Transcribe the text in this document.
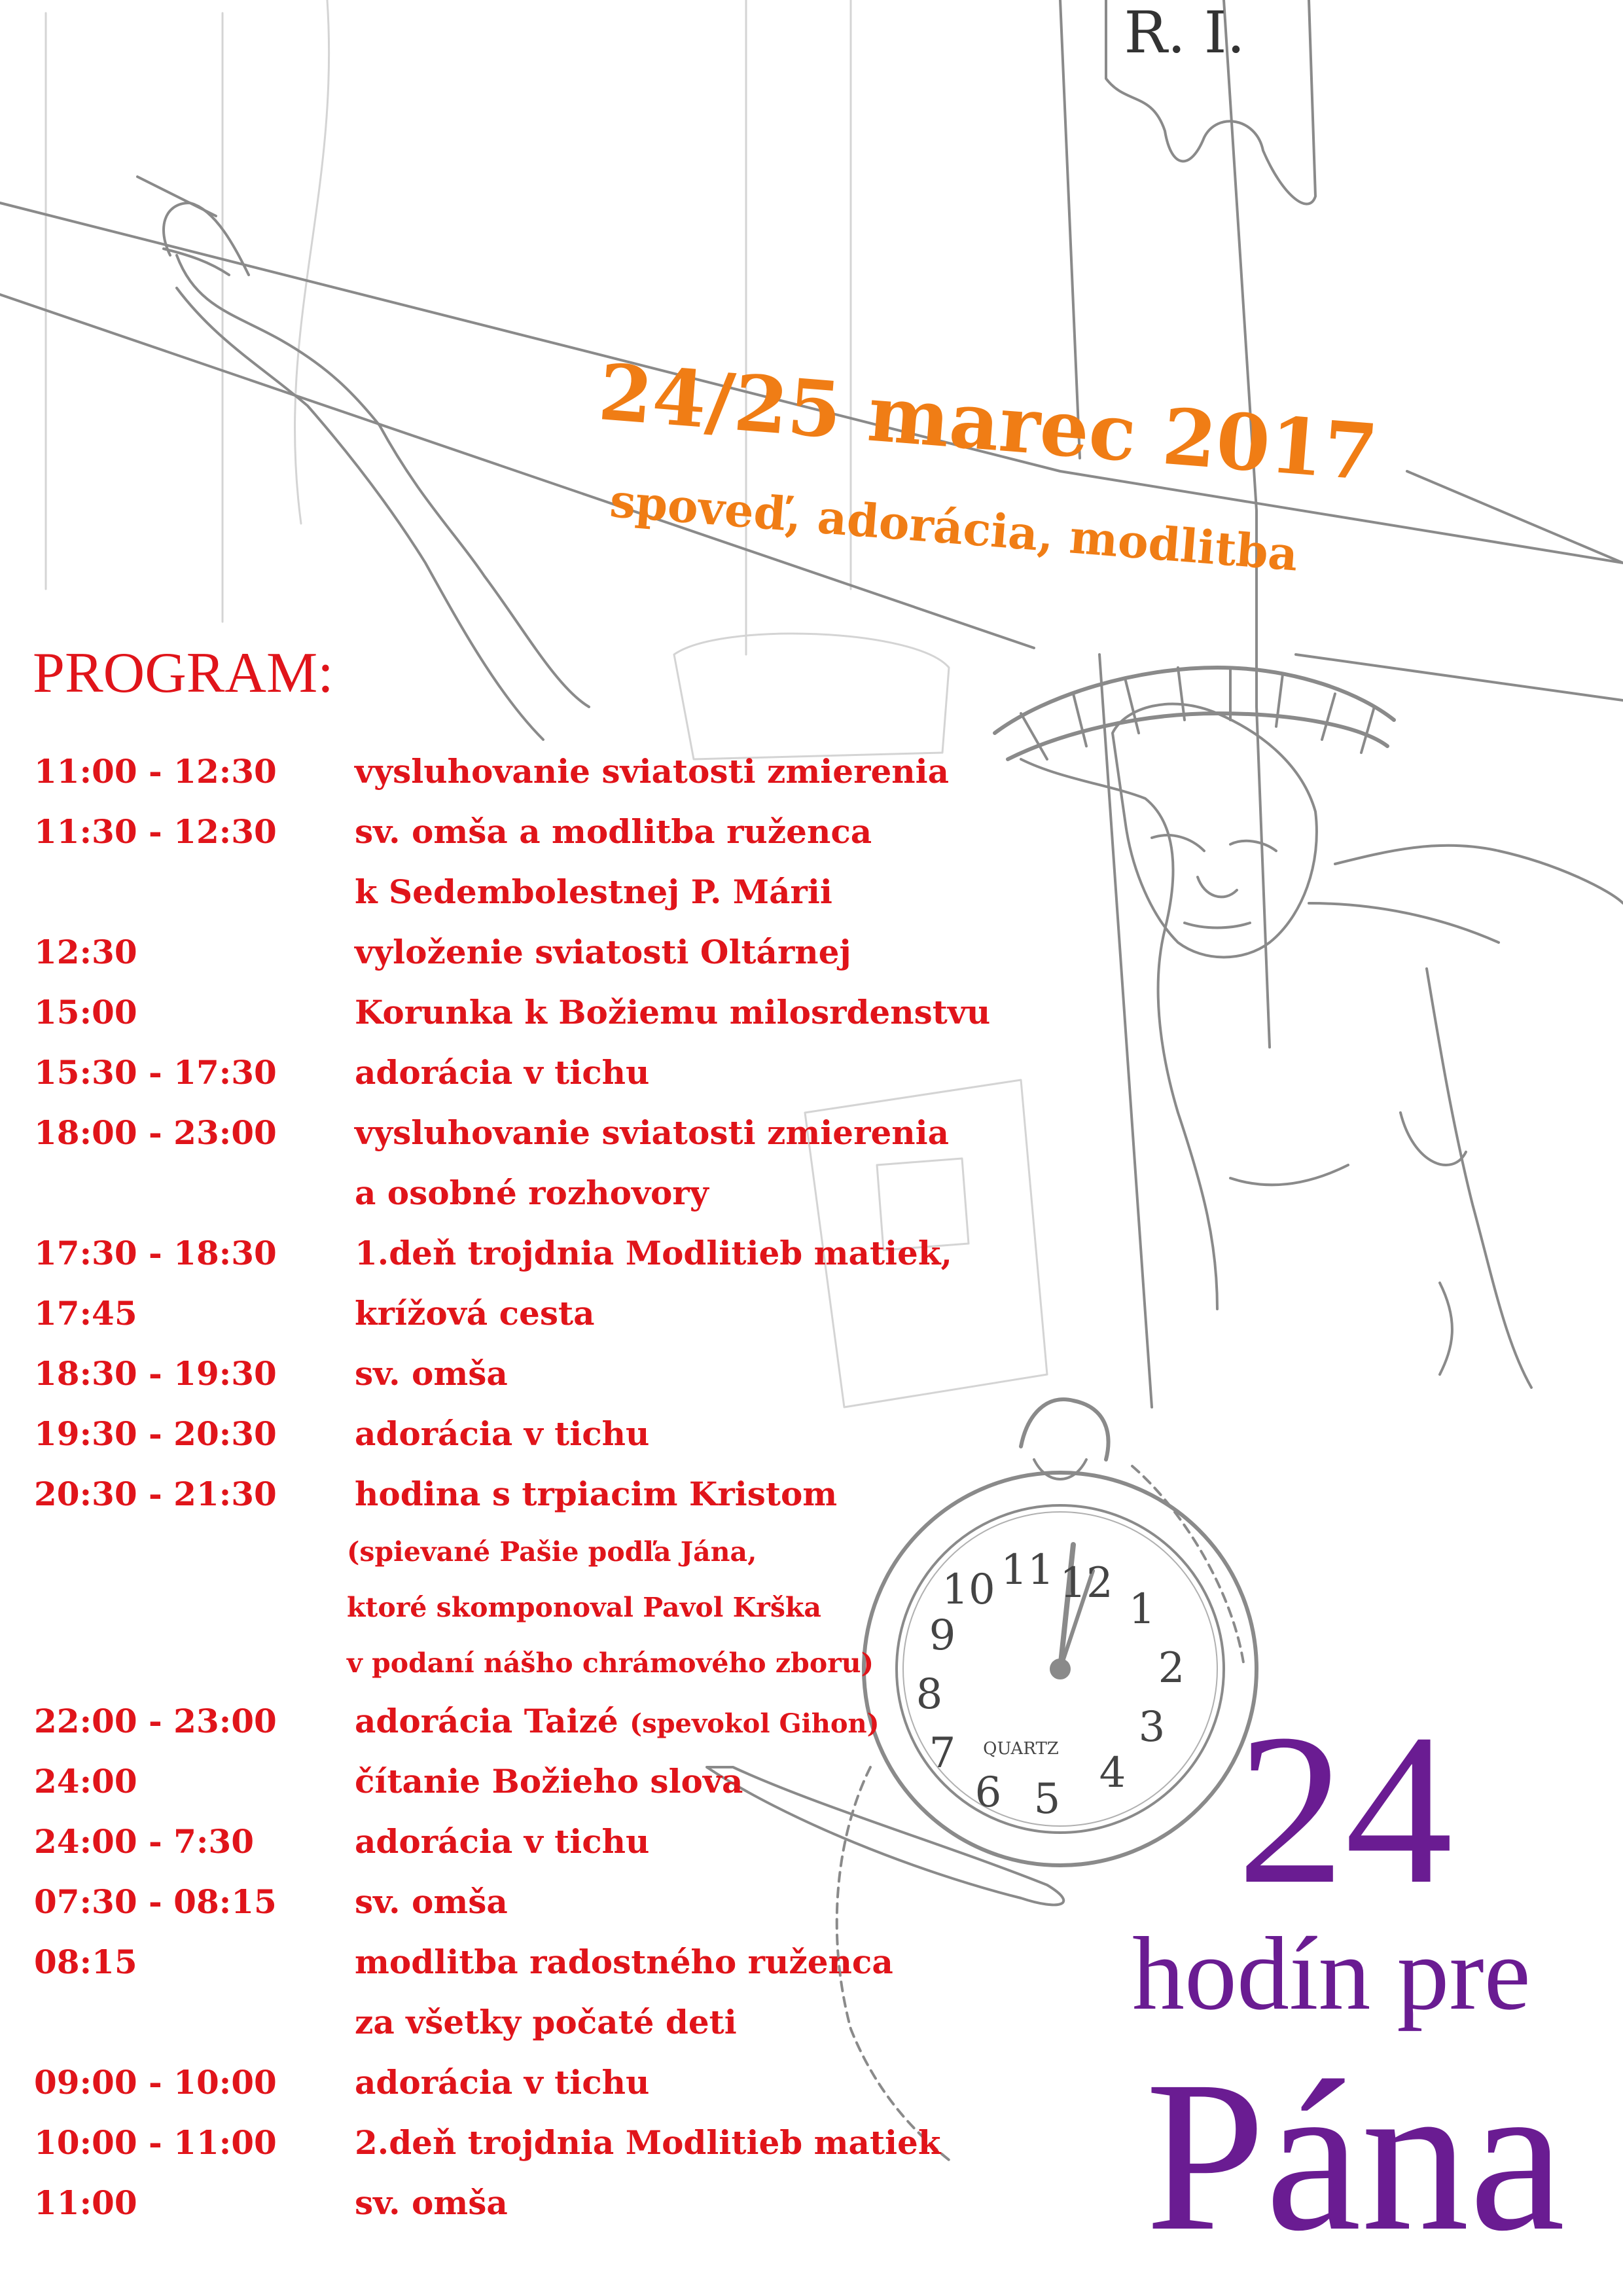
12
1
2
3
4
5
6
7
8
9
10 11
QUARTZ
R. I.
24/25 marec 2017
spoveď, adorácia, modlitba
PROGRAM:
11:00 - 12:30 vysluhovanie sviatosti zmierenia
11:30 - 12:30 sv. omša a modlitba ruženca
k Sedembolestnej P. Márii
12:30	vyloženie sviatosti Oltárnej
15:00	Korunka k Božiemu milosrdenstvu
15:30 - 17:30 adorácia v tichu
18:00 - 23:00 vysluhovanie sviatosti zmierenia
a osobné rozhovory
17:30 - 18:30 1.deň trojdnia Modlitieb matiek,
17:45	krížová cesta
18:30 - 19:30 sv. omša
19:30 - 20:30 adorácia v tichu
20:30 - 21:30 hodina s trpiacim Kristom
(spievané Pašie podľa Jána,
ktoré skomponoval Pavol Krška
v podaní nášho chrámového zboru)
22:00 - 23:00 adorácia Taizé (spevokol Gihon)
24:00	čítanie Božieho slova
24:00 - 7:30	adorácia v tichu
07:30 - 08:15 sv. omša
08:15	modlitba radostného ruženca
za všetky počaté deti
09:00 - 10:00 adorácia v tichu
10:00 - 11:00 2.deň trojdnia Modlitieb matiek
11:00	sv. omša
24
hodín pre
Pána
